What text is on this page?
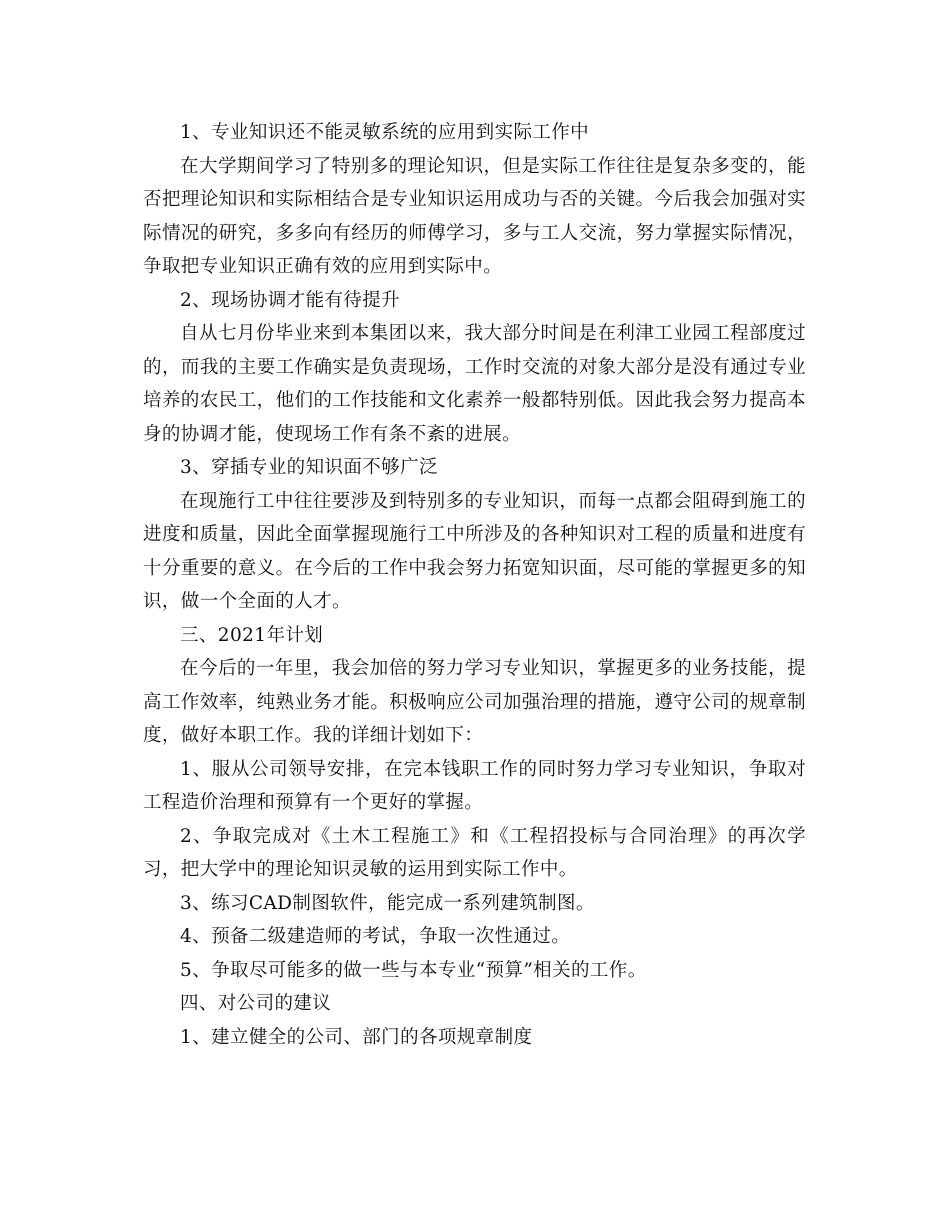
1、专业知识还不能灵敏系统的应用到实际工作中

在大学期间学习了特别多的理论知识，但是实际工作往往是复杂多变的，能否把理论知识和实际相结合是专业知识运用成功与否的关键。今后我会加强对实际情况的研究，多多向有经历的师傅学习，多与工人交流，努力掌握实际情况，争取把专业知识正确有效的应用到实际中。

2、现场协调才能有待提升

自从七月份毕业来到本集团以来，我大部分时间是在利津工业园工程部度过的，而我的主要工作确实是负责现场，工作时交流的对象大部分是没有通过专业培养的农民工，他们的工作技能和文化素养一般都特别低。因此我会努力提高本身的协调才能，使现场工作有条不紊的进展。

3、穿插专业的知识面不够广泛

在现施行工中往往要涉及到特别多的专业知识，而每一点都会阻碍到施工的进度和质量，因此全面掌握现施行工中所涉及的各种知识对工程的质量和进度有十分重要的意义。在今后的工作中我会努力拓宽知识面，尽可能的掌握更多的知识，做一个全面的人才。

三、2021年计划

在今后的一年里，我会加倍的努力学习专业知识，掌握更多的业务技能，提高工作效率，纯熟业务才能。积极响应公司加强治理的措施，遵守公司的规章制度，做好本职工作。我的详细计划如下：

1、服从公司领导安排，在完本钱职工作的同时努力学习专业知识，争取对工程造价治理和预算有一个更好的掌握。

2、争取完成对《土木工程施工》和《工程招投标与合同治理》的再次学习，把大学中的理论知识灵敏的运用到实际工作中。

3、练习CAD制图软件，能完成一系列建筑制图。

4、预备二级建造师的考试，争取一次性通过。

5、争取尽可能多的做一些与本专业“预算”相关的工作。

四、对公司的建议

1、建立健全的公司、部门的各项规章制度
